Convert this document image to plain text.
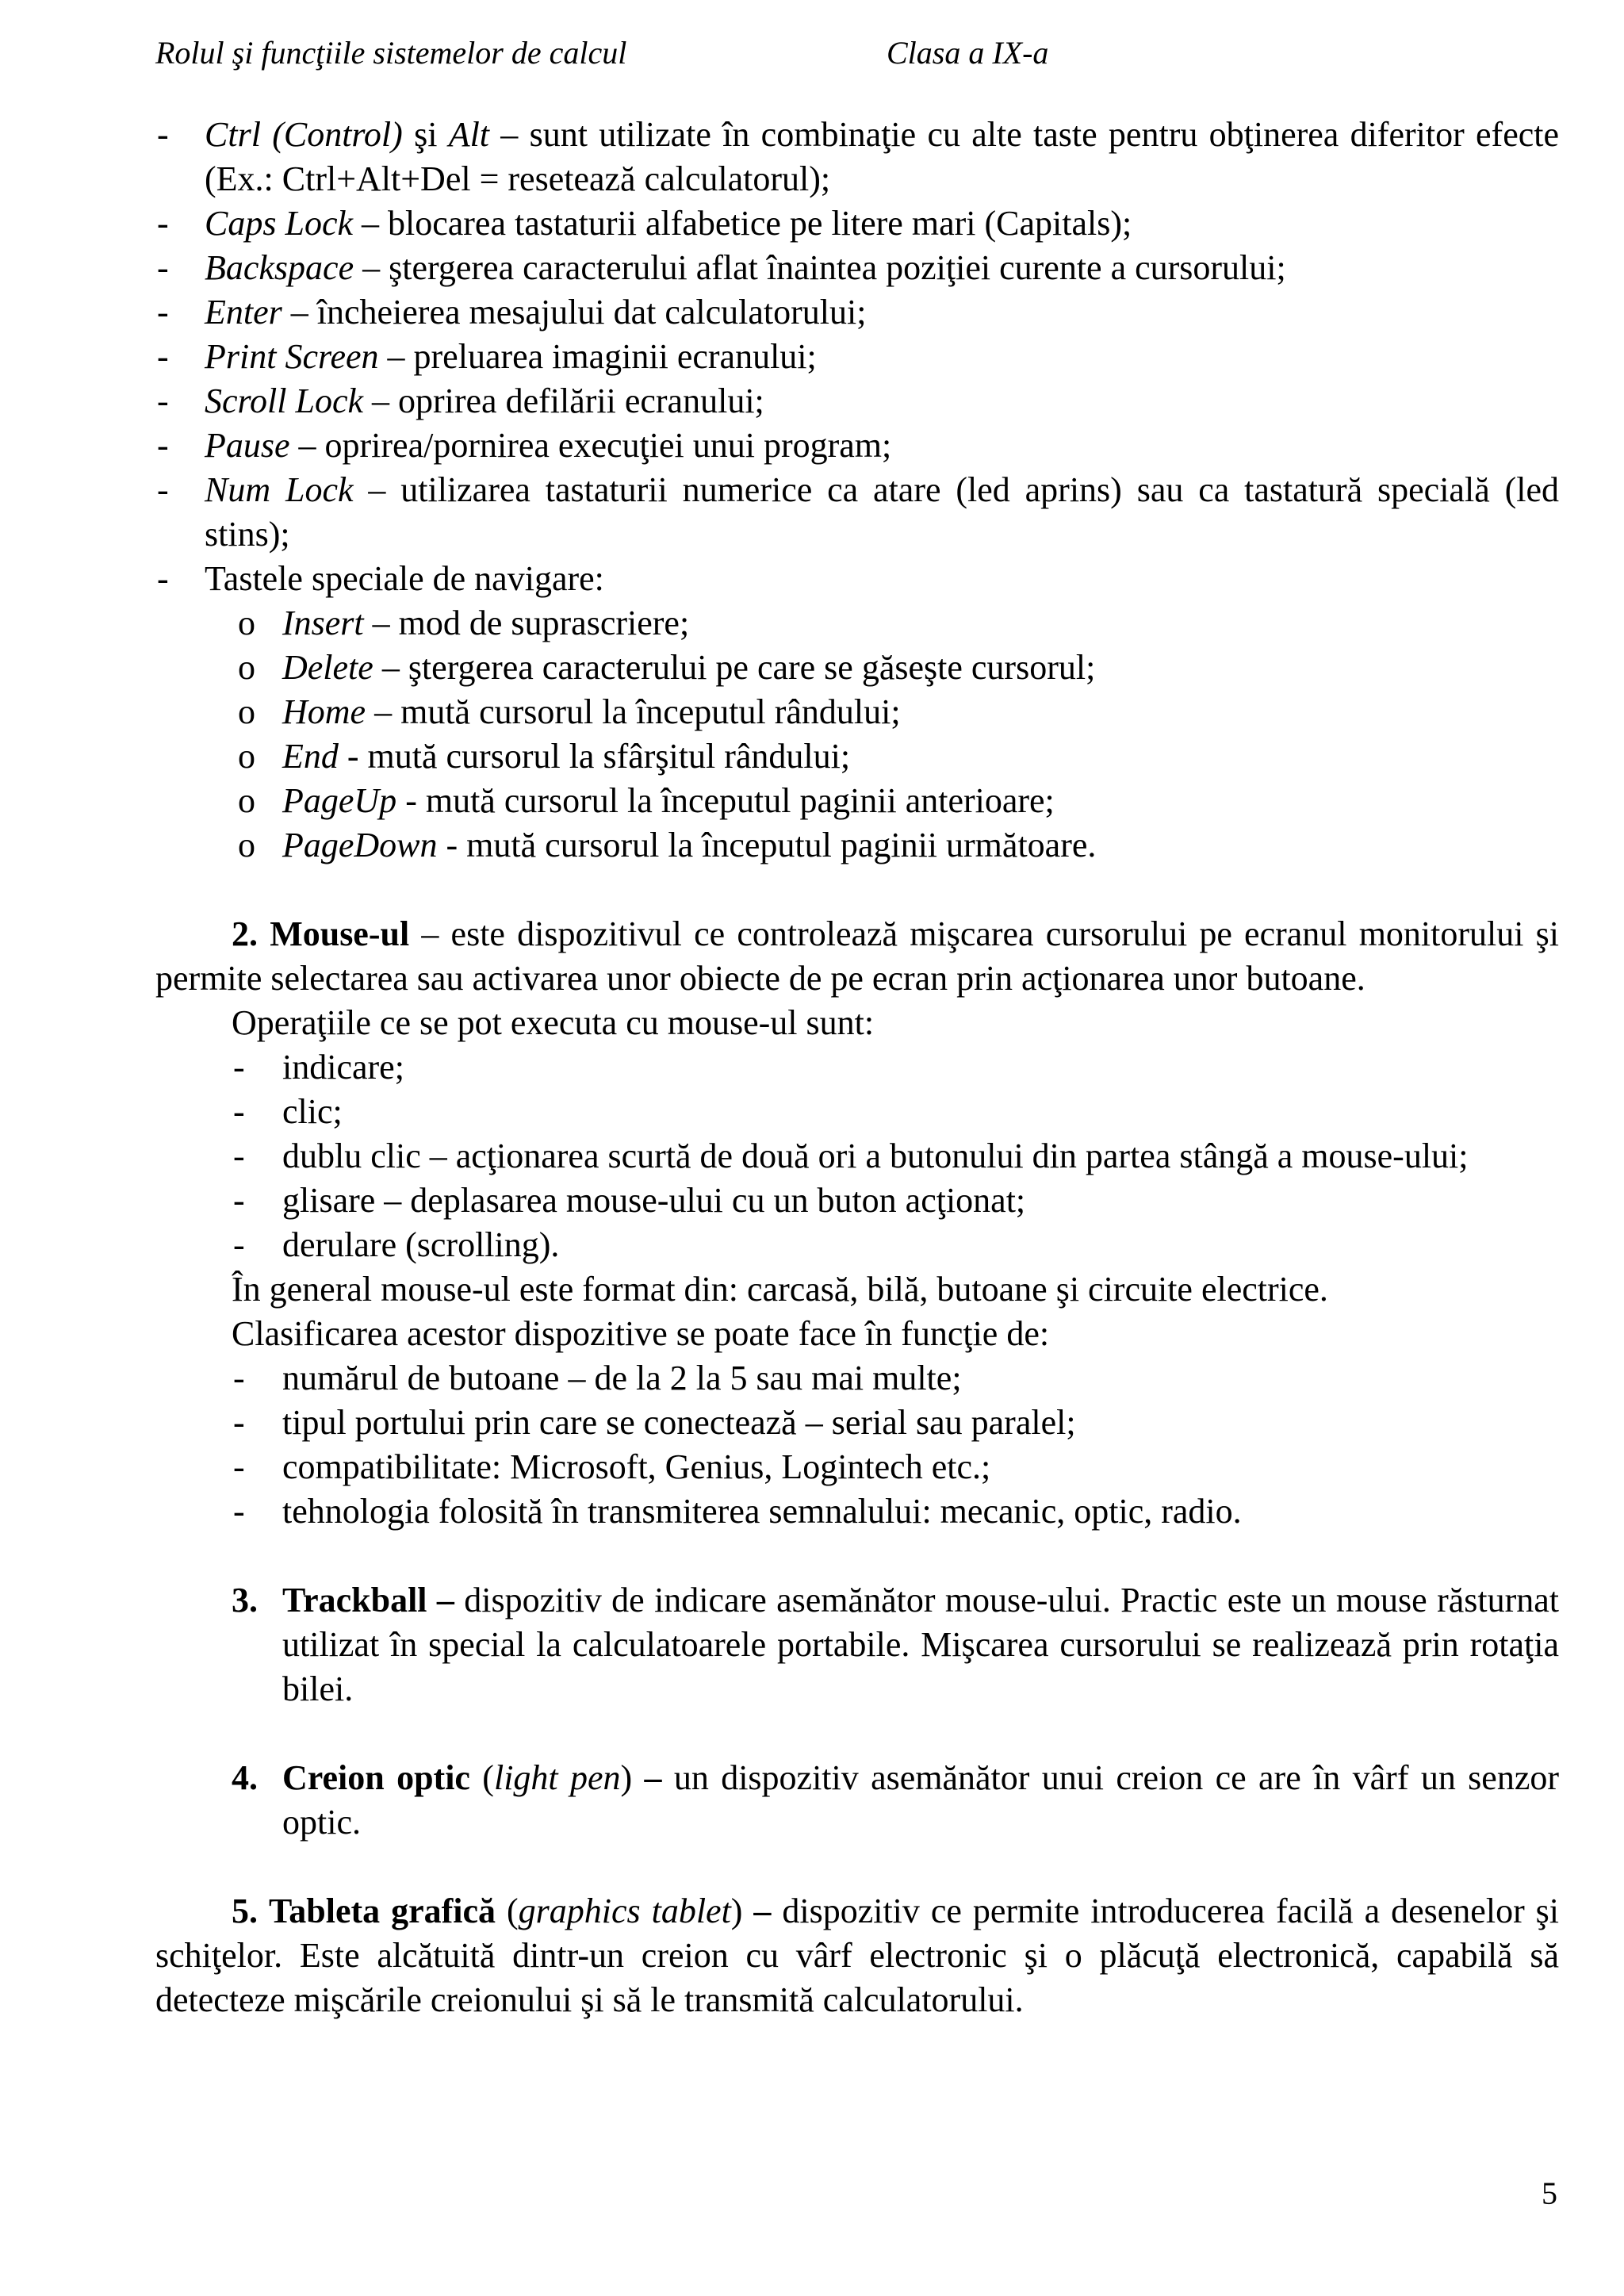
Rolul şi funcţiile sistemelor de calcul	Clasa a IX-a
- Ctrl (Control) şi Alt – sunt utilizate în combinaţie cu alte taste pentru obţinerea diferitor efecte (Ex.: Ctrl+Alt+Del = resetează calculatorul);
- Caps Lock – blocarea tastaturii alfabetice pe litere mari (Capitals);
- Backspace – ştergerea caracterului aflat înaintea poziţiei curente a cursorului;
- Enter – încheierea mesajului dat calculatorului;
- Print Screen – preluarea imaginii ecranului;
- Scroll Lock – oprirea defilării ecranului;
- Pause – oprirea/pornirea execuţiei unui program;
- Num Lock – utilizarea tastaturii numerice ca atare (led aprins) sau ca tastatură specială (led stins);
- Tastele speciale de navigare:
o Insert – mod de suprascriere;
o Delete – ştergerea caracterului pe care se găseşte cursorul;
o Home – mută cursorul la începutul rândului;
o End - mută cursorul la sfârşitul rândului;
o PageUp - mută cursorul la începutul paginii anterioare;
o PageDown - mută cursorul la începutul paginii următoare.
2. Mouse-ul – este dispozitivul ce controlează mişcarea cursorului pe ecranul monitorului şi permite selectarea sau activarea unor obiecte de pe ecran prin acţionarea unor butoane.
Operaţiile ce se pot executa cu mouse-ul sunt:
- indicare;
- clic;
- dublu clic – acţionarea scurtă de două ori a butonului din partea stângă a mouse-ului;
- glisare – deplasarea mouse-ului cu un buton acţionat;
- derulare (scrolling).
În general mouse-ul este format din: carcasă, bilă, butoane şi circuite electrice.
Clasificarea acestor dispozitive se poate face în funcţie de:
- numărul de butoane – de la 2 la 5 sau mai multe;
- tipul portului prin care se conectează – serial sau paralel;
- compatibilitate: Microsoft, Genius, Logintech etc.;
- tehnologia folosită în transmiterea semnalului: mecanic, optic, radio.
3. Trackball – dispozitiv de indicare asemănător mouse-ului. Practic este un mouse răsturnat utilizat în special la calculatoarele portabile. Mişcarea cursorului se realizează prin rotaţia bilei.
4. Creion optic (light pen) – un dispozitiv asemănător unui creion ce are în vârf un senzor optic.
5. Tableta grafică (graphics tablet) – dispozitiv ce permite introducerea facilă a desenelor şi schiţelor. Este alcătuită dintr-un creion cu vârf electronic şi o plăcuţă electronică, capabilă să detecteze mişcările creionului şi să le transmită calculatorului.
5
